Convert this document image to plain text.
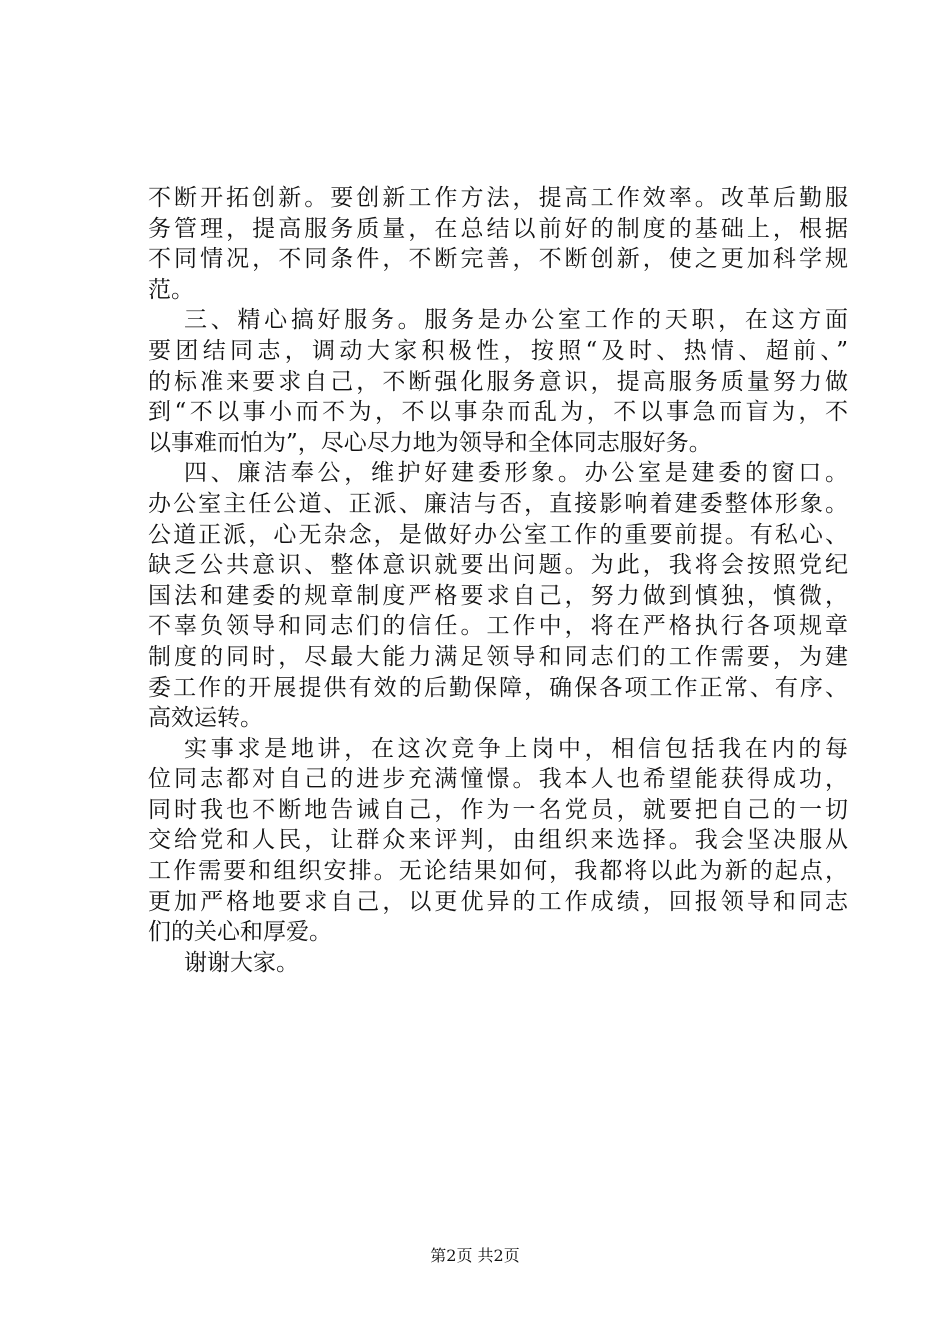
不断开拓创新。要创新工作方法，提高工作效率。改革后勤服
务管理，提高服务质量，在总结以前好的制度的基础上，根据
不同情况，不同条件，不断完善，不断创新，使之更加科学规
范。
三、精心搞好服务。服务是办公室工作的天职，在这方面
要团结同志，调动大家积极性，按照“及时、热情、超前、”
的标准来要求自己，不断强化服务意识，提高服务质量努力做
到“不以事小而不为，不以事杂而乱为，不以事急而盲为，不
以事难而怕为”，尽心尽力地为领导和全体同志服好务。
四、廉洁奉公，维护好建委形象。办公室是建委的窗口。
办公室主任公道、正派、廉洁与否，直接影响着建委整体形象。
公道正派，心无杂念，是做好办公室工作的重要前提。有私心、
缺乏公共意识、整体意识就要出问题。为此，我将会按照党纪
国法和建委的规章制度严格要求自己，努力做到慎独，慎微，
不辜负领导和同志们的信任。工作中，将在严格执行各项规章
制度的同时，尽最大能力满足领导和同志们的工作需要，为建
委工作的开展提供有效的后勤保障，确保各项工作正常、有序、
高效运转。
实事求是地讲，在这次竞争上岗中，相信包括我在内的每
位同志都对自己的进步充满憧憬。我本人也希望能获得成功，
同时我也不断地告诫自己，作为一名党员，就要把自己的一切
交给党和人民，让群众来评判，由组织来选择。我会坚决服从
工作需要和组织安排。无论结果如何，我都将以此为新的起点，
更加严格地要求自己，以更优异的工作成绩，回报领导和同志
们的关心和厚爱。
谢谢大家。
第2页 共2页
